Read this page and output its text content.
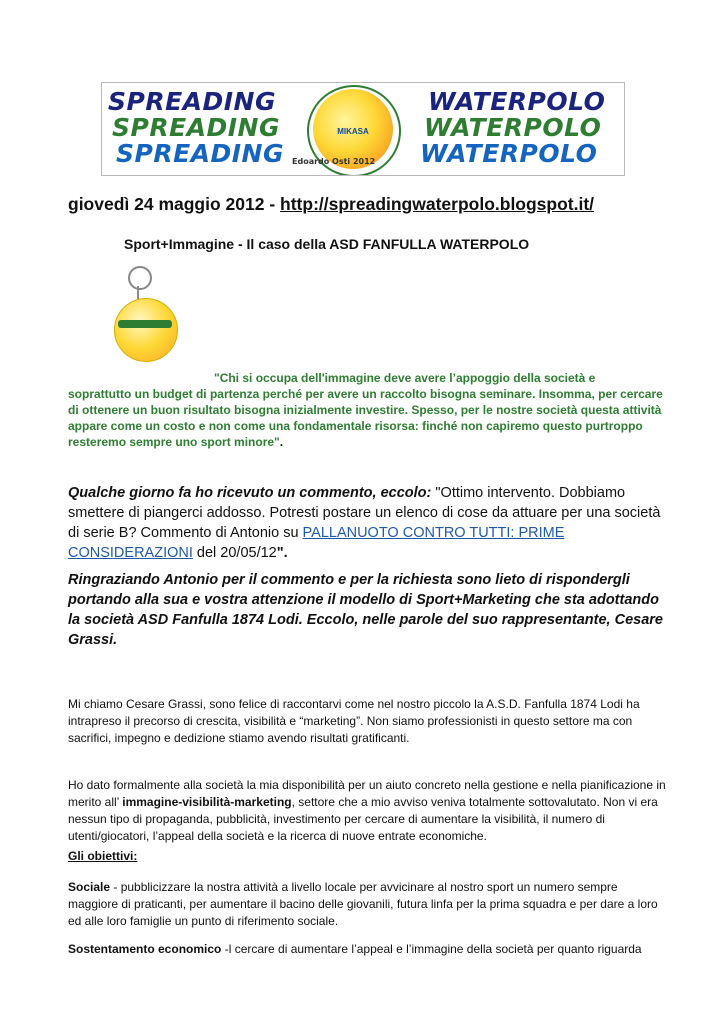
SPREADING
SPREADING
SPREADING
MIKASA
Edoardo Osti 2012
WATERPOLO
WATERPOLO
WATERPOLO
giovedì 24 maggio 2012 - http://spreadingwaterpolo.blogspot.it/
Sport+Immagine - Il caso della ASD FANFULLA WATERPOLO
"Chi si occupa dell'immagine deve avere l’appoggio della società e
soprattutto un budget di partenza perché per avere un raccolto bisogna seminare. Insomma, per cercare di ottenere un buon risultato bisogna inizialmente investire. Spesso, per le nostre società questa attività appare come un costo e non come una fondamentale risorsa: finché non capiremo questo purtroppo resteremo sempre uno sport minore".
Qualche giorno fa ho ricevuto un commento, eccolo: "Ottimo intervento. Dobbiamo smettere di piangerci addosso. Potresti postare un elenco di cose da attuare per una società di serie B? Commento di Antonio su PALLANUOTO CONTRO TUTTI: PRIME CONSIDERAZIONI del 20/05/12".
Ringraziando Antonio per il commento e per la richiesta sono lieto di rispondergli portando alla sua e vostra attenzione il modello di Sport+Marketing che sta adottando la società ASD Fanfulla 1874 Lodi. Eccolo, nelle parole del suo rappresentante, Cesare Grassi.
Mi chiamo Cesare Grassi, sono felice di raccontarvi come nel nostro piccolo la A.S.D. Fanfulla 1874 Lodi ha intrapreso il precorso di crescita, visibilità e “marketing”. Non siamo professionisti in questo settore ma con sacrifici, impegno e dedizione stiamo avendo risultati gratificanti.
Ho dato formalmente alla società la mia disponibilità per un aiuto concreto nella gestione e nella pianificazione in merito all’ immagine-visibilità-marketing, settore che a mio avviso veniva totalmente sottovalutato. Non vi era nessun tipo di propaganda, pubblicità, investimento per cercare di aumentare la visibilità, il numero di utenti/giocatori, l’appeal della società e la ricerca di nuove entrate economiche.
Gli obiettivi:
Sociale - pubblicizzare la nostra attività a livello locale per avvicinare al nostro sport un numero sempre maggiore di praticanti, per aumentare il bacino delle giovanili, futura linfa per la prima squadra e per dare a loro ed alle loro famiglie un punto di riferimento sociale.
Sostentamento economico -l cercare di aumentare l’appeal e l’immagine della società per quanto riguarda
